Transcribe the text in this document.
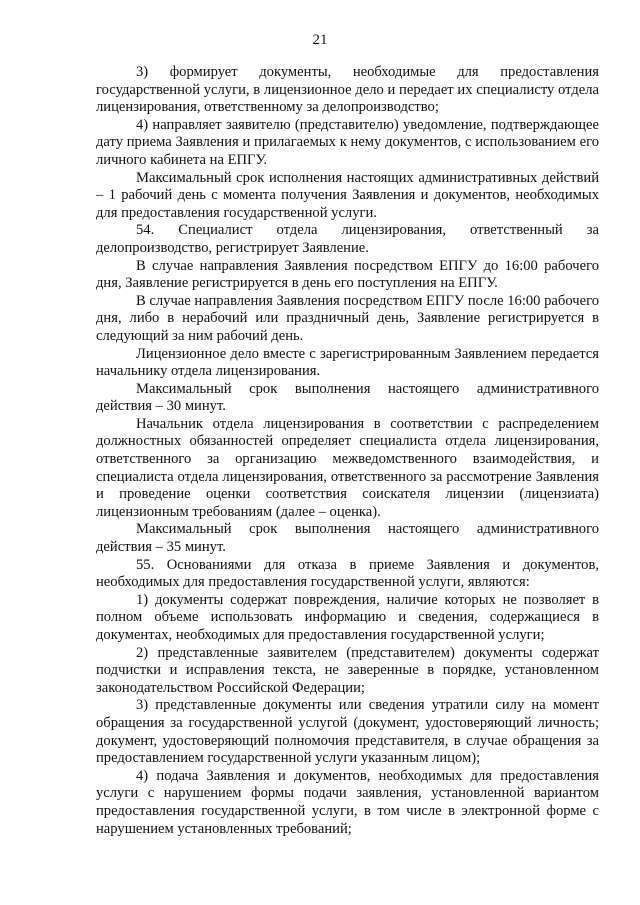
21

3) формирует документы, необходимые для предоставления государственной услуги, в лицензионное дело и передает их специалисту отдела лицензирования, ответственному за делопроизводство;

4) направляет заявителю (представителю) уведомление, подтверждающее дату приема Заявления и прилагаемых к нему документов, с использованием его личного кабинета на ЕПГУ.

Максимальный срок исполнения настоящих административных действий – 1 рабочий день с момента получения Заявления и документов, необходимых для предоставления государственной услуги.

54. Специалист отдела лицензирования, ответственный за делопроизводство, регистрирует Заявление.

В случае направления Заявления посредством ЕПГУ до 16:00 рабочего дня, Заявление регистрируется в день его поступления на ЕПГУ.

В случае направления Заявления посредством ЕПГУ после 16:00 рабочего дня, либо в нерабочий или праздничный день, Заявление регистрируется в следующий за ним рабочий день.

Лицензионное дело вместе с зарегистрированным Заявлением передается начальнику отдела лицензирования.

Максимальный срок выполнения настоящего административного действия – 30 минут.

Начальник отдела лицензирования в соответствии с распределением должностных обязанностей определяет специалиста отдела лицензирования, ответственного за организацию межведомственного взаимодействия, и специалиста отдела лицензирования, ответственного за рассмотрение Заявления и проведение оценки соответствия соискателя лицензии (лицензиата) лицензионным требованиям (далее – оценка).

Максимальный срок выполнения настоящего административного действия – 35 минут.

55. Основаниями для отказа в приеме Заявления и документов, необходимых для предоставления государственной услуги, являются:

1) документы содержат повреждения, наличие которых не позволяет в полном объеме использовать информацию и сведения, содержащиеся в документах, необходимых для предоставления государственной услуги;

2) представленные заявителем (представителем) документы содержат подчистки и исправления текста, не заверенные в порядке, установленном законодательством Российской Федерации;

3) представленные документы или сведения утратили силу на момент обращения за государственной услугой (документ, удостоверяющий личность; документ, удостоверяющий полномочия представителя, в случае обращения за предоставлением государственной услуги указанным лицом);

4) подача Заявления и документов, необходимых для предоставления услуги с нарушением формы подачи заявления, установленной вариантом предоставления государственной услуги, в том числе в электронной форме с нарушением установленных требований;
